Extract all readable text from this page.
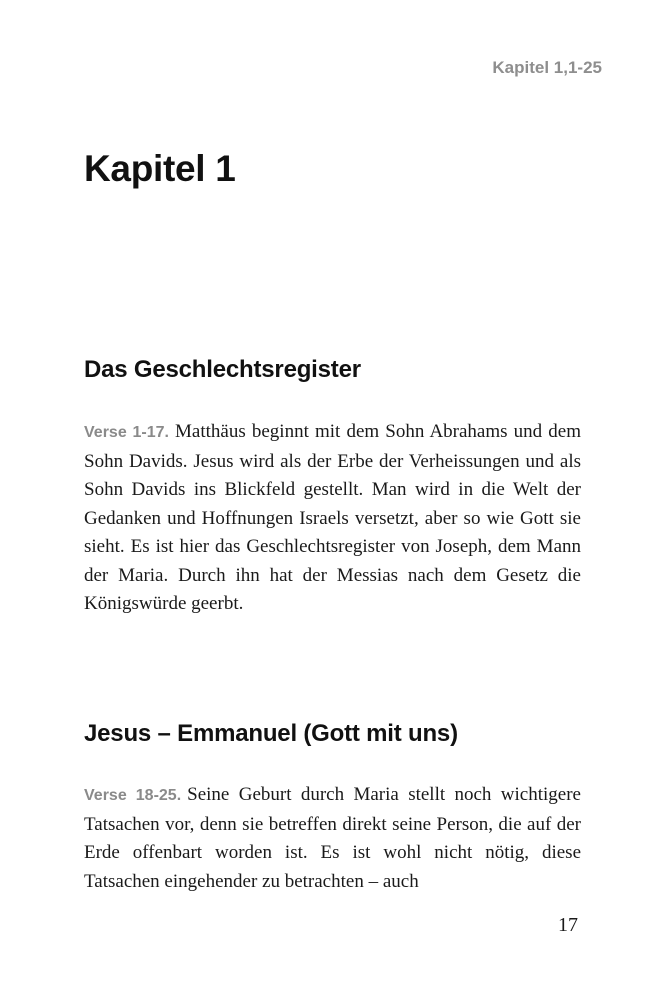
Kapitel 1,1-25
Kapitel 1
Das Geschlechtsregister

Verse 1-17. Matthäus beginnt mit dem Sohn Abrahams und dem Sohn Davids. Jesus wird als der Erbe der Verheissungen und als Sohn Davids ins Blickfeld gestellt. Man wird in die Welt der Gedanken und Hoffnungen Israels versetzt, aber so wie Gott sie sieht. Es ist hier das Geschlechtsregister von Joseph, dem Mann der Maria. Durch ihn hat der Messias nach dem Gesetz die Königswürde geerbt.

Jesus – Emmanuel (Gott mit uns)

Verse 18-25. Seine Geburt durch Maria stellt noch wichtigere Tatsachen vor, denn sie betreffen direkt seine Person, die auf der Erde offenbart worden ist. Es ist wohl nicht nötig, diese Tatsachen eingehender zu betrachten – auch

17
